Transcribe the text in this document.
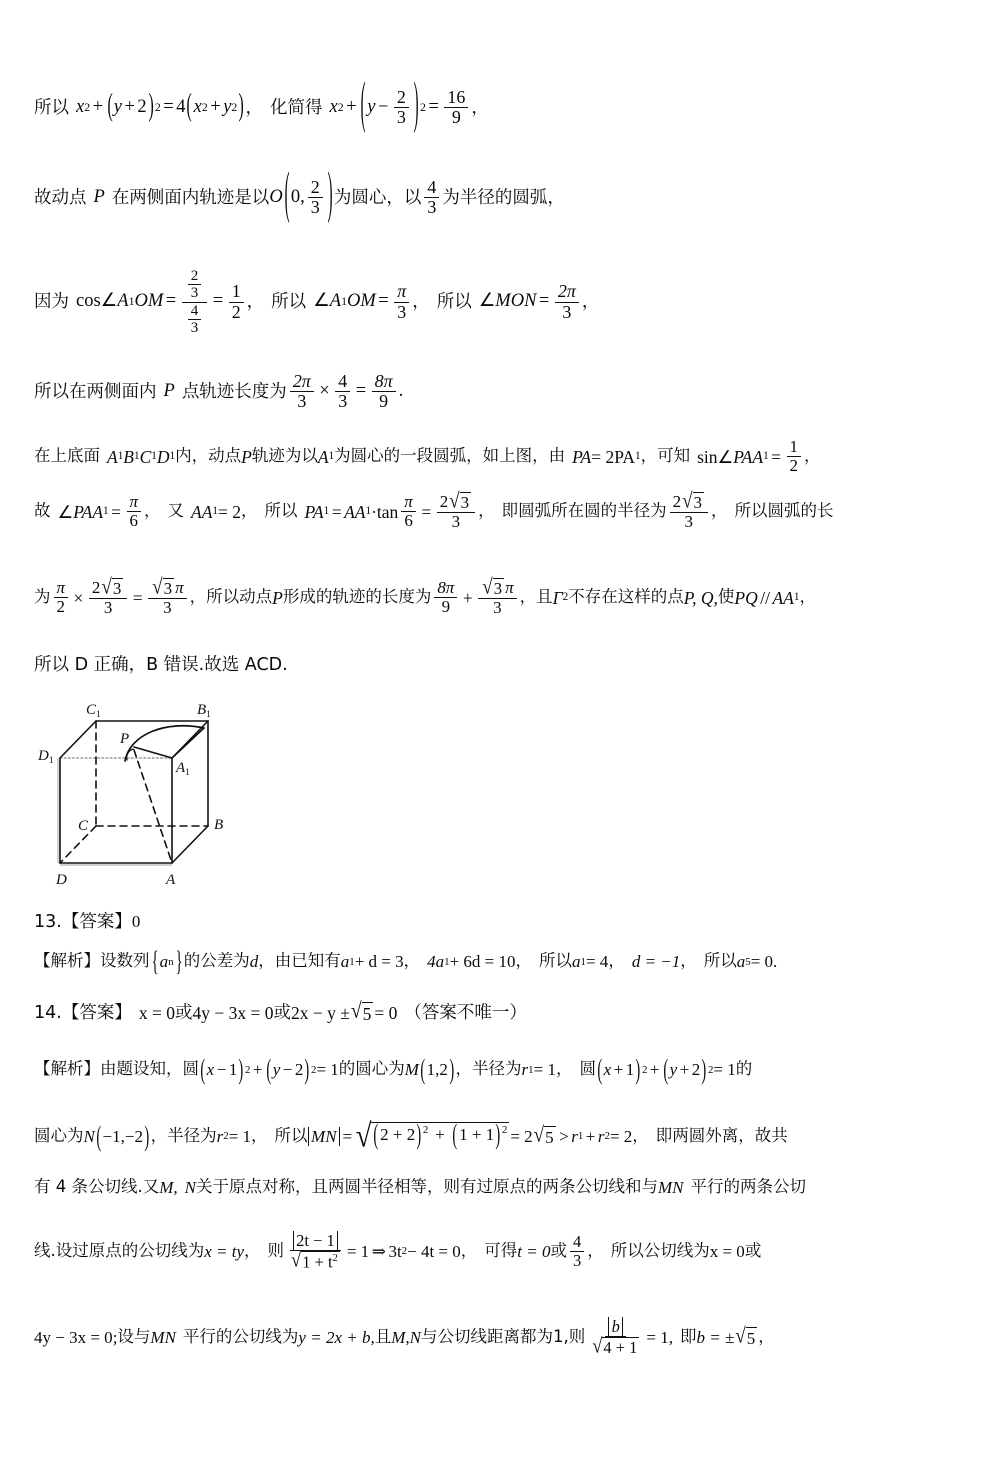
所以 x 2 + ( y + 2 ) 2 = 4 ( x 2 + y 2 ) ， 化简得 x 2 + ( $y - \frac{2}{3}$ ) $2 = \frac{16}{9}$ ，
故动点 P 在两侧面内轨迹是以 O ( 0, $\frac{2}{3}$ ) 为圆心，以 $\frac{4}{3}$ 为半径的圆弧，
因为 cos ∠ A 1 OM = $\frac{\frac{2}{3}}{\frac{4}{3}} = \frac{1}{2}$ ， 所以 ∠ A 1 OM = $\frac{\pi}{3}$ ， 所以 ∠ MON = $\frac{2\pi}{3}$ ，
所以在两侧面内 P 点轨迹长度为 $\frac{2\pi}{3} \times \frac{4}{3} = \frac{8\pi}{9}$ .
在上底面 A 1 B 1 C 1 D 1 内，动点 P 轨迹为以 A 1 为圆心的一段圆弧，如上图，由 PA = 2PA 1 ，可知 sin ∠ PAA $1 = \frac{1}{2}$ ，
故 ∠ PAA $1 = \frac{\pi}{6}$ ， 又 AA 1 = 2 ， 所以 PA 1 = AA $1 \cdot \tan \frac{\pi}{6} = \frac{2 √ 3}{3}$ ， 即圆弧所在圆的半径为 $\frac{2 √ 3}{3}$ ， 所以圆弧的长
为 $\frac{\pi}{2} \times \frac{2 √ 3}{3} = \frac{√ 3 \pi}{3}$ ， 所以动点 P 形成的轨迹的长度为 $\frac{8\pi}{9} + \frac{√ 3 \pi}{3}$ ， 且 Γ 2 不存在这样的点 P, Q, 使 PQ // AA 1 ，
所以 D 正确，B 错误.故选 ACD.
$C_1$	$B_1$
$D_1$	$A_1$
P
C	B
D	A
13. 【答案】 0
【解析】 设数列 { a n } 的公差为 d ， 由已知有 a 1 + d = 3 ， 4a 1 + 6d = 10 ， 所以 a 1 = 4 ， d = −1 ， 所以 a 5 = 0 .
14. 【答案】 x = 0 或 4y − 3x = 0 或 2x − y ± √ 5 = 0 （答案不唯一）
【解析】 由题设知， 圆 ( x − 1 ) 2 + ( y − 2 ) 2 = 1 的圆心为 M ( 1,2 ) ， 半径为 r 1 = 1 ， 圆 ( x + 1 ) 2 + ( y + 2 ) 2 = 1 的
圆心为 N ( −1,−2 ) ， 半径为 r 2 = 1 ， 所以 MN = √ ( 2 + 2 ) $^2$ + ( 1 + 1 ) $^2$ = 2 √ 5 > r 1 + r 2 = 2 ， 即两圆外离，故共
有 4 条公切线.又 M , N 关于原点对称，且两圆半径相等，则有过原点的两条公切线和与 MN 平行的两条公切
线.设过原点的公切线为 x = ty ， 则 $\frac{2t - 1}{√ 1 + t^2} = 1$ ⇒ 3t 2 − 4t = 0 ， 可得 t = 0 或 $\frac{4}{3}$ ， 所以公切线为 x = 0 或
4y − 3x = 0 ; 设与 MN 平行的公切线为 y = 2x + b , 且 M,N 与公切线距离都为1, 则 $\frac{b}{√ 4 + 1} = 1$ , 即 b = ± √ 5 ，
